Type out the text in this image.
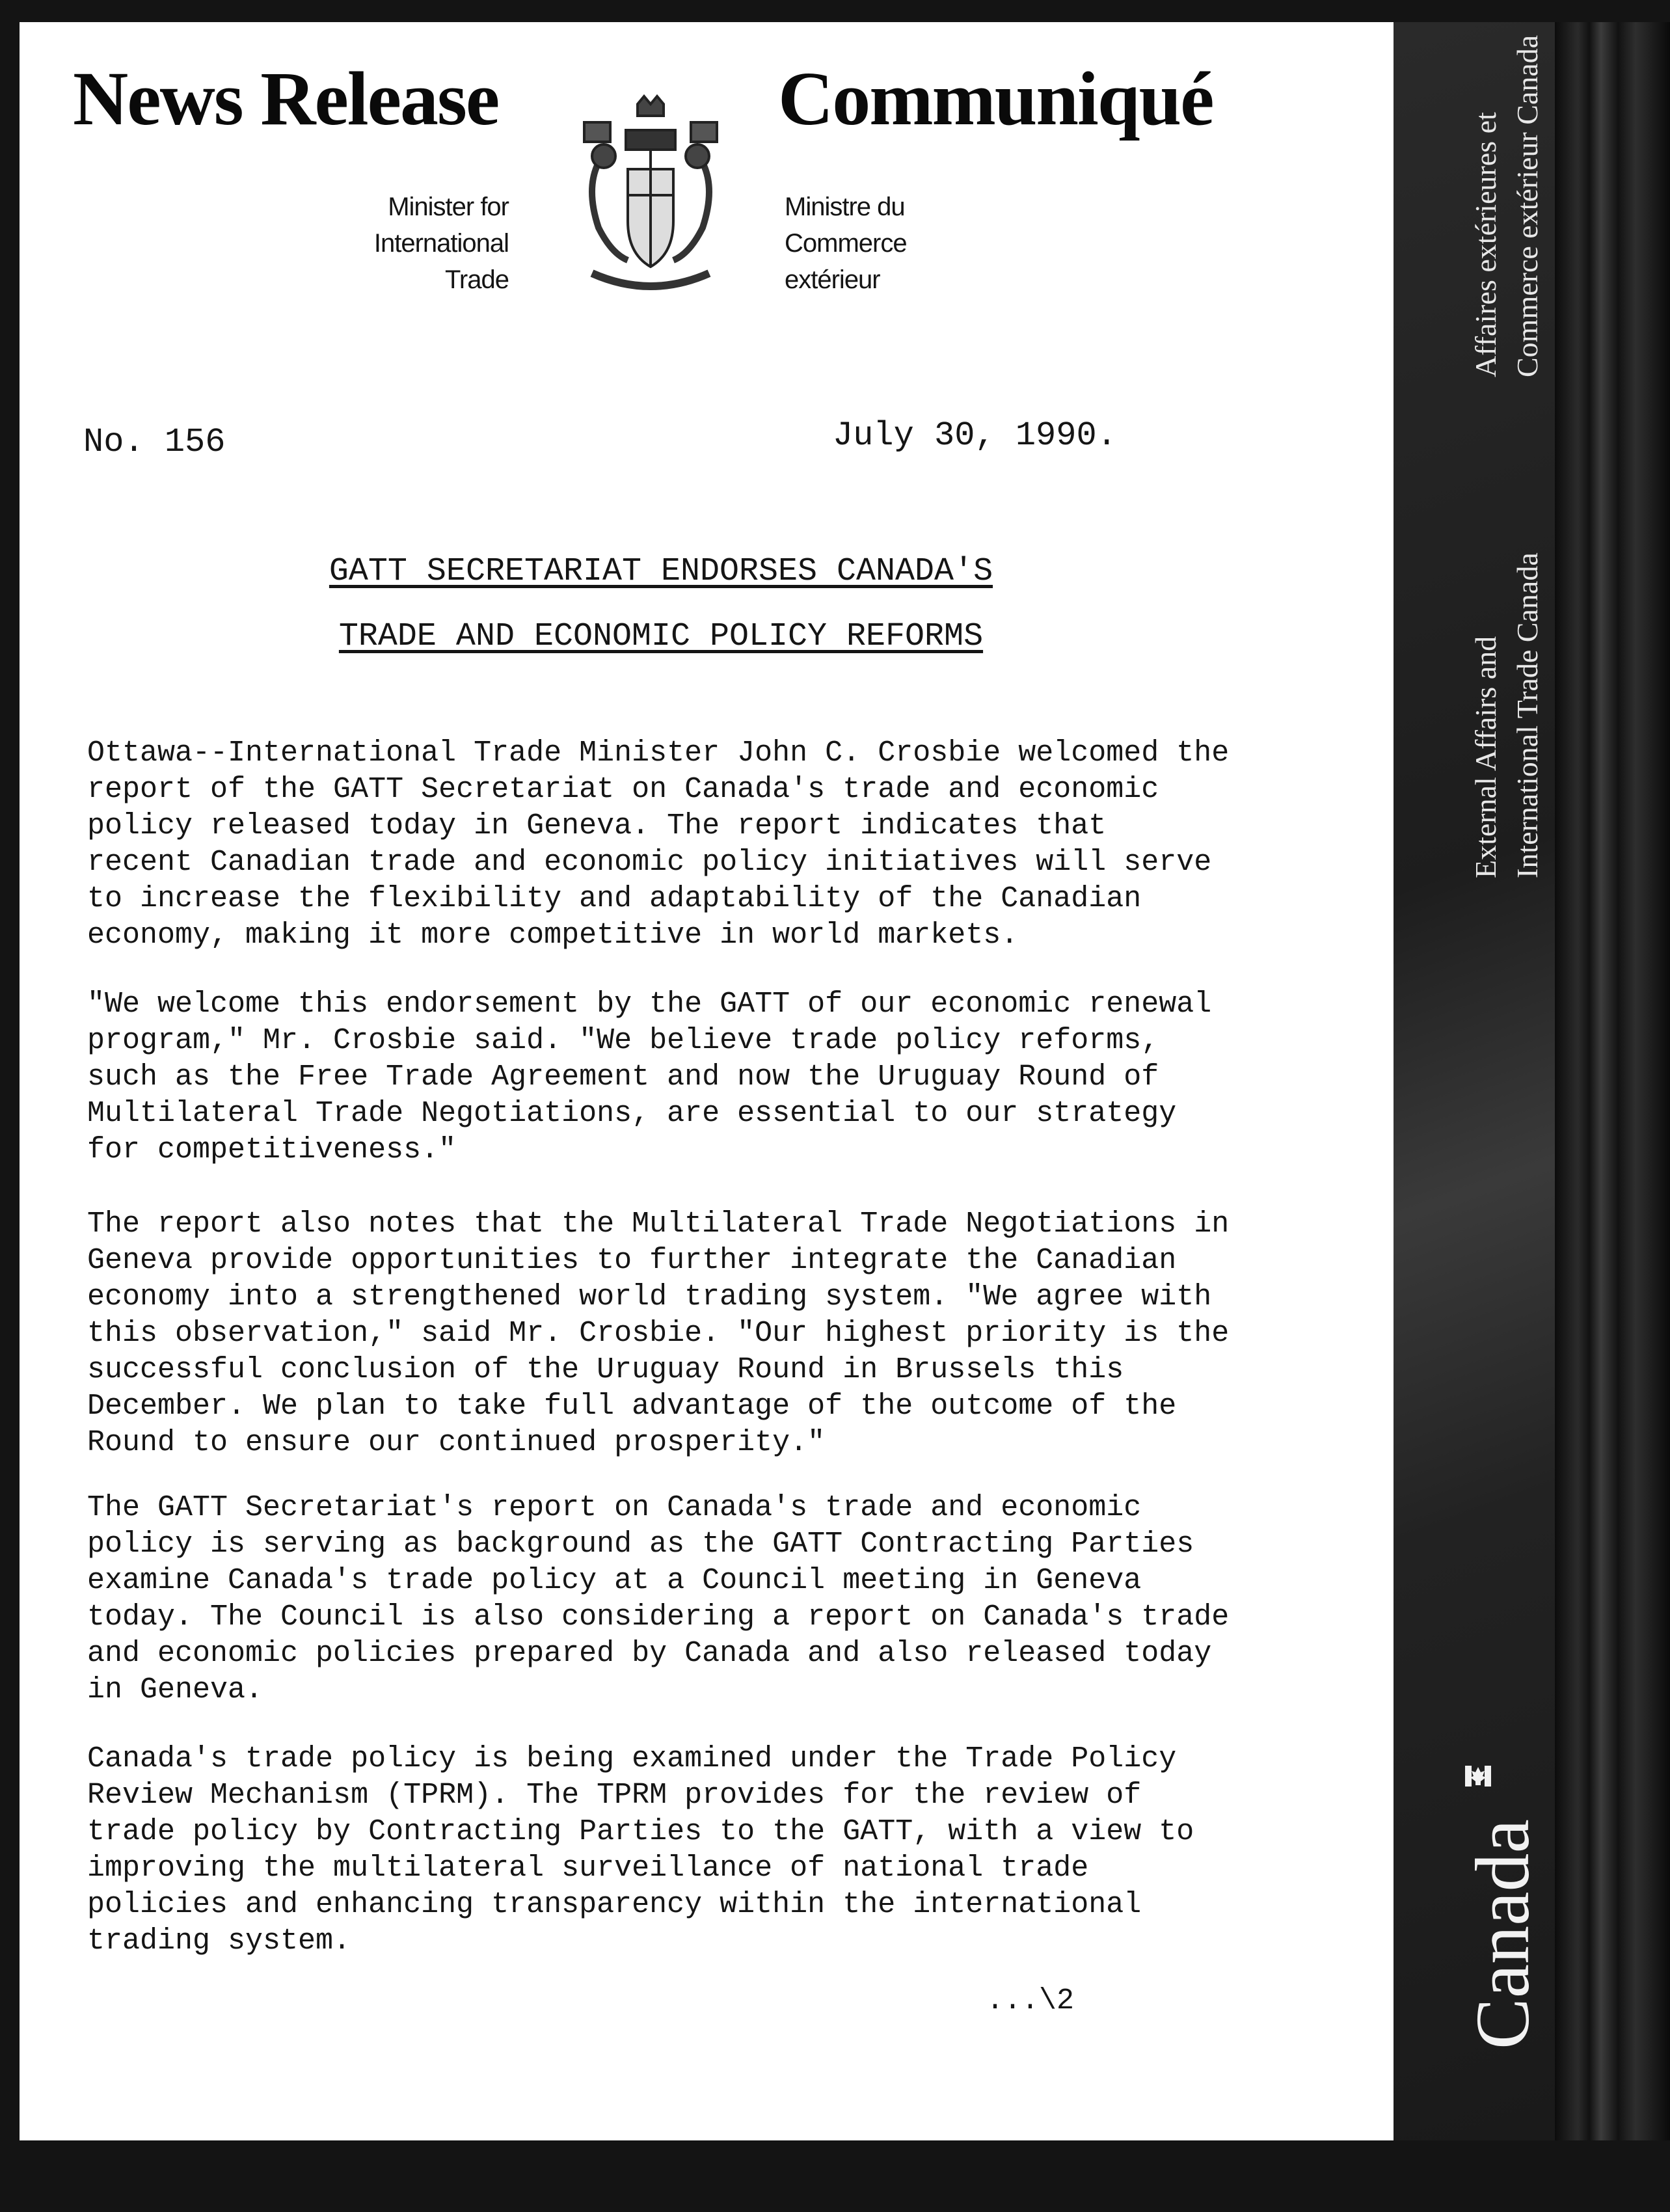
News Release	Communiqué
Minister for
International
Trade
Ministre du
Commerce
extérieur
No. 156	July 30, 1990.
GATT SECRETARIAT ENDORSES CANADA'S
TRADE AND ECONOMIC POLICY REFORMS
Ottawa--International Trade Minister John C. Crosbie welcomed the
report of the GATT Secretariat on Canada's trade and economic
policy released today in Geneva. The report indicates that
recent Canadian trade and economic policy initiatives will serve
to increase the flexibility and adaptability of the Canadian
economy, making it more competitive in world markets.
"We welcome this endorsement by the GATT of our economic renewal
program," Mr. Crosbie said. "We believe trade policy reforms,
such as the Free Trade Agreement and now the Uruguay Round of
Multilateral Trade Negotiations, are essential to our strategy
for competitiveness."
The report also notes that the Multilateral Trade Negotiations in
Geneva provide opportunities to further integrate the Canadian
economy into a strengthened world trading system. "We agree with
this observation," said Mr. Crosbie. "Our highest priority is the
successful conclusion of the Uruguay Round in Brussels this
December. We plan to take full advantage of the outcome of the
Round to ensure our continued prosperity."
The GATT Secretariat's report on Canada's trade and economic
policy is serving as background as the GATT Contracting Parties
examine Canada's trade policy at a Council meeting in Geneva
today. The Council is also considering a report on Canada's trade
and economic policies prepared by Canada and also released today
in Geneva.
Canada's trade policy is being examined under the Trade Policy
Review Mechanism (TPRM). The TPRM provides for the review of
trade policy by Contracting Parties to the GATT, with a view to
improving the multilateral surveillance of national trade
policies and enhancing transparency within the international
trading system.
...\2
Affaires extérieures et Commerce extérieur Canada
External Affairs and International Trade Canada
Canada
